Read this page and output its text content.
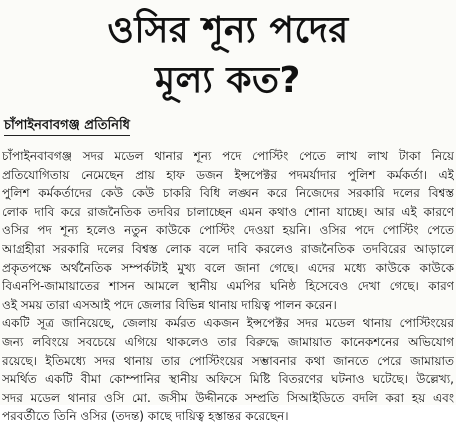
ওসির শূন্য পদের
মূল্য কত?
চাঁপাইনবাবগঞ্জ প্রতিনিধি
চাঁপাইনবাবগঞ্জ সদর মডেল থানার শূন্য পদে পোস্টিং পেতে লাখ লাখ টাকা নিয়ে
প্রতিযোগিতায় নেমেছেন প্রায় হাফ ডজন ইন্সপেক্টর পদমর্যাদার পুলিশ কর্মকর্তা। এই
পুলিশ কর্মকর্তাদের কেউ কেউ চাকরি বিধি লঙ্ঘন করে নিজেদের সরকারি দলের বিশ্বস্ত
লোক দাবি করে রাজনৈতিক তদবির চালাচ্ছেন এমন কথাও শোনা যাচ্ছে। আর এই কারণে
ওসির পদ শূন্য হলেও নতুন কাউকে পোস্টিং দেওয়া হয়নি। ওসির পদে পোস্টিং পেতে
আগ্রহীরা সরকারি দলের বিশ্বস্ত লোক বলে দাবি করলেও রাজনৈতিক তদবিরের আড়ালে
প্রকৃতপক্ষে অর্থনৈতিক সম্পর্কটাই মুখ্য বলে জানা গেছে। এদের মধ্যে কাউকে কাউকে
বিএনপি-জামায়াতের শাসন আমলে স্থানীয় এমপির ঘনিষ্ঠ হিসেবেও দেখা গেছে। কারণ
ওই সময় তারা এসআই পদে জেলার বিভিন্ন থানায় দায়িত্ব পালন করেন।
একটি সূত্র জানিয়েছে, জেলায় কর্মরত একজন ইন্সপেক্টর সদর মডেল থানায় পোস্টিংয়ের
জন্য লবিংয়ে সবচেয়ে এগিয়ে থাকলেও তার বিরুদ্ধে জামায়াত কানেকশনের অভিযোগ
রয়েছে। ইতিমধ্যে সদর থানায় তার পোস্টিংয়ের সম্ভাবনার কথা জানতে পেরে জামায়াত
সমর্থিত একটি বীমা কোম্পানির স্থানীয় অফিসে মিষ্টি বিতরণের ঘটনাও ঘটেছে। উল্লেখ্য,
সদর মডেল থানার ওসি মো. জসীম উদ্দীনকে সম্প্রতি সিআইডিতে বদলি করা হয় এবং
পরবর্তীতে তিনি ওসির (তদন্ত) কাছে দায়িত্ব হস্তান্তর করেছেন।
